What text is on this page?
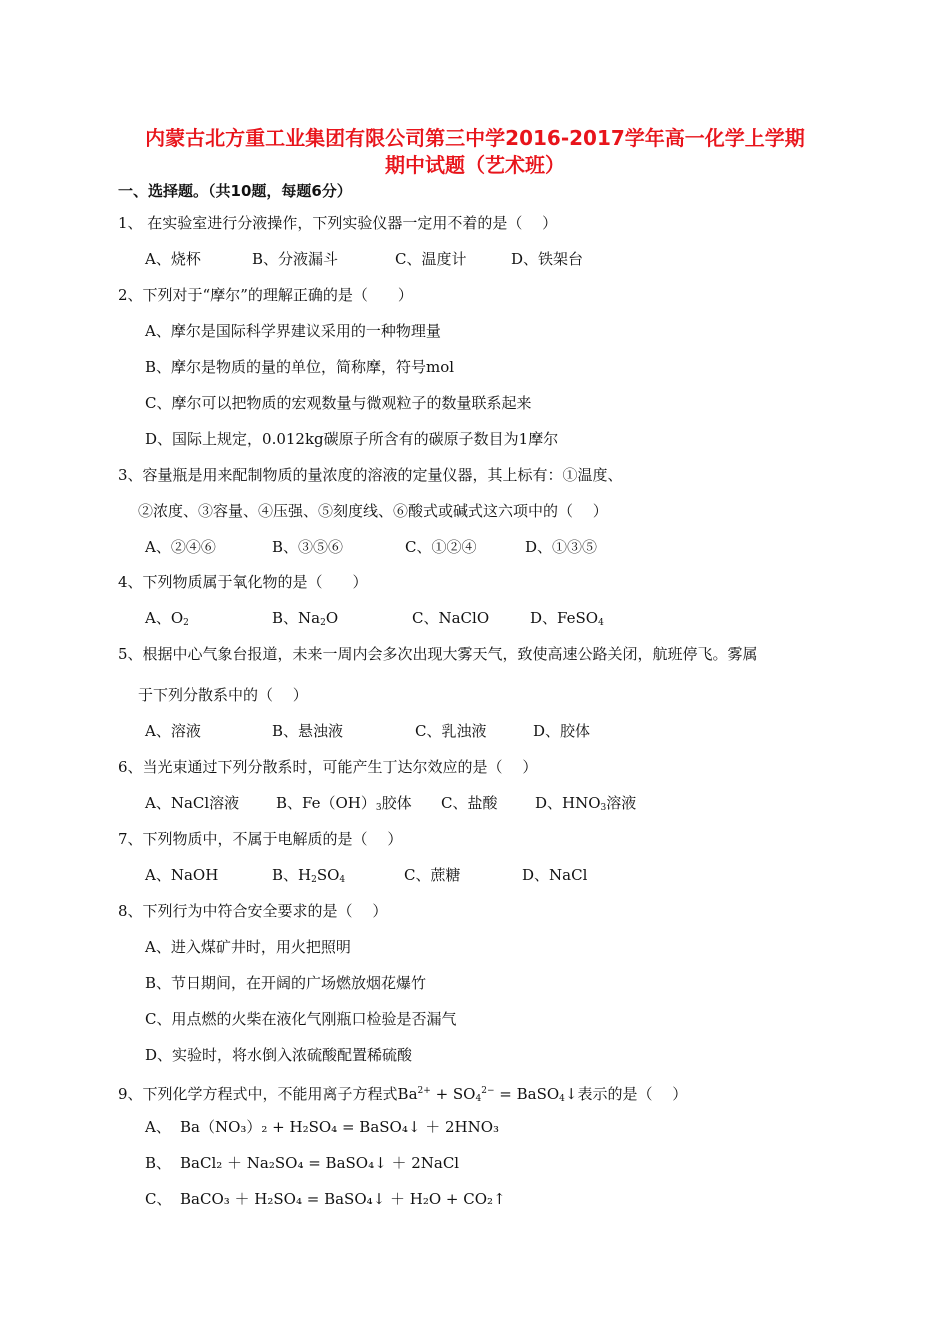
内蒙古北方重工业集团有限公司第三中学2016-2017学年高一化学上学期
期中试题（艺术班）
一、选择题。（共10题，每题6分）
1、 在实验室进行分液操作，下列实验仪器一定用不着的是（　 ）
A、烧杯	B、分液漏斗	C、温度计	D、铁架台
2、下列对于“摩尔”的理解正确的是（　　）
A、摩尔是国际科学界建议采用的一种物理量
B、摩尔是物质的量的单位，简称摩，符号mol
C、摩尔可以把物质的宏观数量与微观粒子的数量联系起来
D、国际上规定，0.012kg碳原子所含有的碳原子数目为1摩尔
3、容量瓶是用来配制物质的量浓度的溶液的定量仪器，其上标有：①温度、
②浓度、③容量、④压强、⑤刻度线、⑥酸式或碱式这六项中的（　 ）
A、②④⑥	B、③⑤⑥	C、①②④	D、①③⑤
4、下列物质属于氧化物的是（　　）
A、$O_2$	B、$Na_2O$	C、NaClO	D、FeSO$_4$
5、根据中心气象台报道，未来一周内会多次出现大雾天气，致使高速公路关闭，航班停飞。雾属
于下列分散系中的（　 ）
A、溶液	B、悬浊液	C、乳浊液	D、胶体
6、当光束通过下列分散系时，可能产生丁达尔效应的是（　 ）
A、NaCl溶液 B、$Fe(OH)_3$胶体 C、盐酸	D、$HNO_3$溶液
7、下列物质中，不属于电解质的是（　 ）
A、NaOH	B、$H_2SO_4$	C、蔗糖	D、NaCl
8、下列行为中符合安全要求的是（　 ）
A、进入煤矿井时，用火把照明
B、节日期间，在开阔的广场燃放烟花爆竹
C、用点燃的火柴在液化气刚瓶口检验是否漏气
D、实验时，将水倒入浓硫酸配置稀硫酸
9、下列化学方程式中，不能用离子方程式$Ba^{2+} + SO_4^{2-}$ = BaSO$_4$↓表示的是（　 ）
A、 Ba（NO₃）₂ + H₂SO₄ = BaSO₄↓ ＋ 2HNO₃
B、 BaCl₂ ＋ Na₂SO₄ = BaSO₄↓ ＋ 2NaCl
C、 BaCO₃ ＋ H₂SO₄ = BaSO₄↓ ＋ H₂O + CO₂↑
